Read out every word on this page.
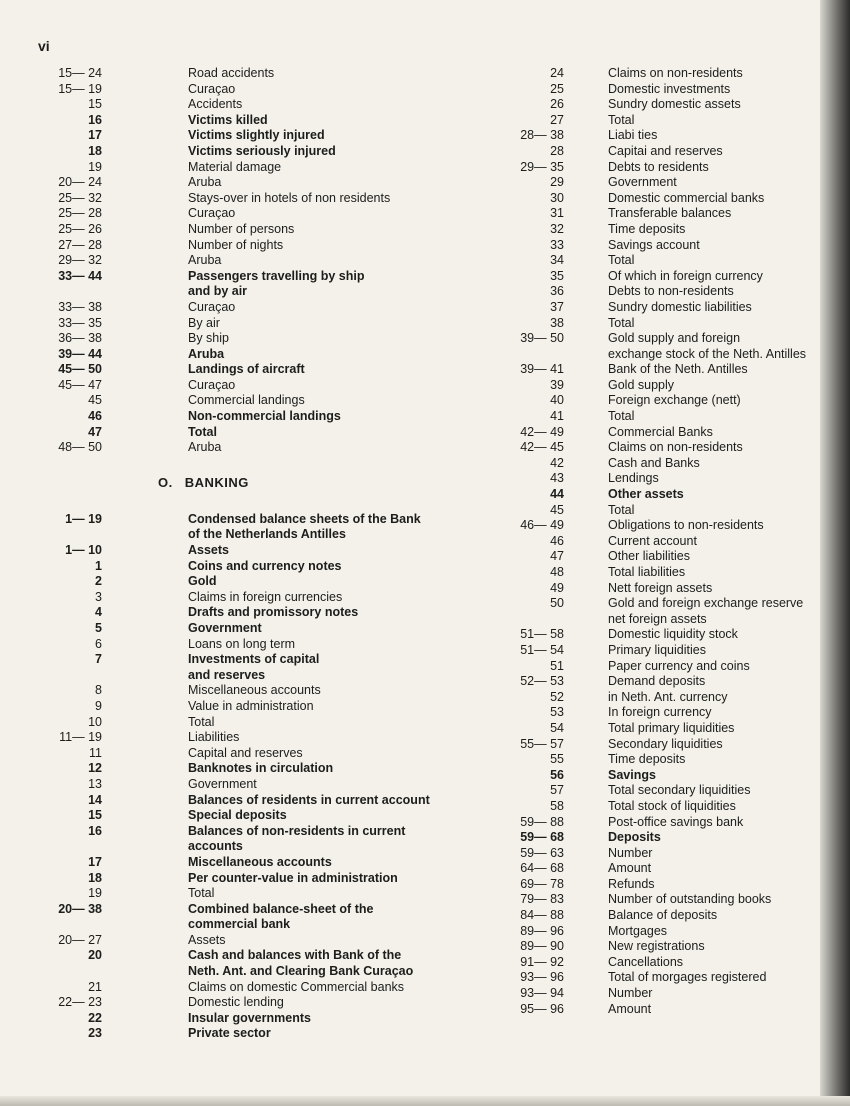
vi
15— 24	Road accidents
15— 19	Curaçao
15	Accidents
16	Victims killed
17	Victims slightly injured
18	Victims seriously injured
19	Material damage
20— 24	Aruba
25— 32	Stays-over in hotels of non residents
25— 28	Curaçao
25— 26	Number of persons
27— 28	Number of nights
29— 32	Aruba
33— 44	Passengers travelling by ship
and by air
33— 38	Curaçao
33— 35	By air
36— 38	By ship
39— 44	Aruba
45— 50	Landings of aircraft
45— 47	Curaçao
45	Commercial landings
46	Non-commercial landings
47	Total
48— 50	Aruba
O. BANKING
1— 19	Condensed balance sheets of the Bank
of the Netherlands Antilles
1— 10	Assets
1	Coins and currency notes
2	Gold
3	Claims in foreign currencies
4	Drafts and promissory notes
5	Government
6	Loans on long term
7	Investments of capital
and reserves
8	Miscellaneous accounts
9	Value in administration
10	Total
11— 19	Liabilities
11	Capital and reserves
12	Banknotes in circulation
13	Government
14	Balances of residents in current account
15	Special deposits
16	Balances of non-residents in current
accounts
17	Miscellaneous accounts
18	Per counter-value in administration
19	Total
20— 38	Combined balance-sheet of the
commercial bank
20— 27	Assets
20	Cash and balances with Bank of the
Neth. Ant. and Clearing Bank Curaçao
21	Claims on domestic Commercial banks
22— 23	Domestic lending
22	Insular governments
23	Private sector
24	Claims on non-residents
25	Domestic investments
26	Sundry domestic assets
27	Total
28— 38	Liabi ties
28	Capitai and reserves
29— 35	Debts to residents
29	Government
30	Domestic commercial banks
31	Transferable balances
32	Time deposits
33	Savings account
34	Total
35	Of which in foreign currency
36	Debts to non-residents
37	Sundry domestic liabilities
38	Total
39— 50	Gold supply and foreign
exchange stock of the Neth. Antilles
39— 41	Bank of the Neth. Antilles
39	Gold supply
40	Foreign exchange (nett)
41	Total
42— 49	Commercial Banks
42— 45	Claims on non-residents
42	Cash and Banks
43	Lendings
44	Other assets
45	Total
46— 49	Obligations to non-residents
46	Current account
47	Other liabilities
48	Total liabilities
49	Nett foreign assets
50	Gold and foreign exchange reserve
net foreign assets
51— 58	Domestic liquidity stock
51— 54	Primary liquidities
51	Paper currency and coins
52— 53	Demand deposits
52	in Neth. Ant. currency
53	In foreign currency
54	Total primary liquidities
55— 57	Secondary liquidities
55	Time deposits
56	Savings
57	Total secondary liquidities
58	Total stock of liquidities
59— 88	Post-office savings bank
59— 68	Deposits
59— 63	Number
64— 68	Amount
69— 78	Refunds
79— 83	Number of outstanding books
84— 88	Balance of deposits
89— 96	Mortgages
89— 90	New registrations
91— 92	Cancellations
93— 96	Total of morgages registered
93— 94	Number
95— 96	Amount
